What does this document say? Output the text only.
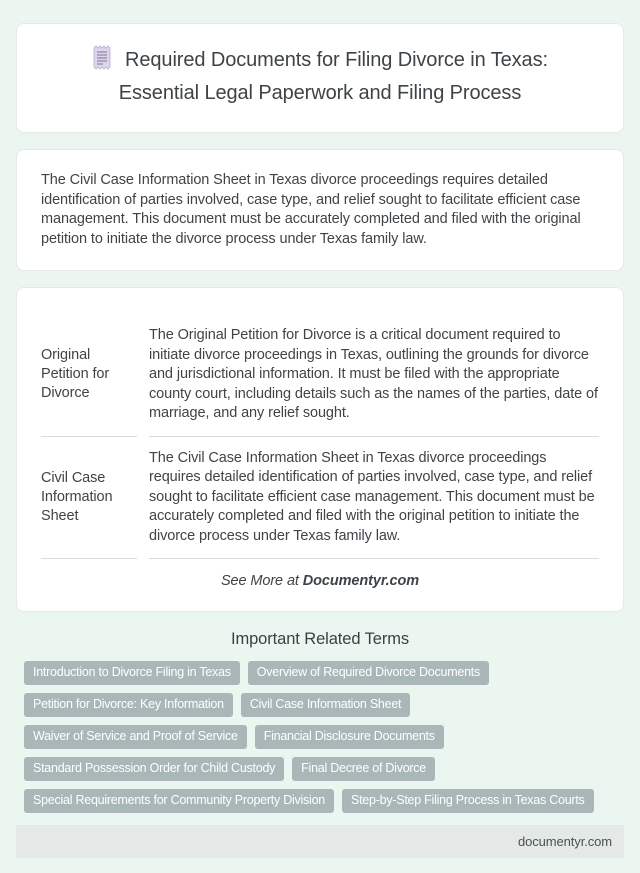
Required Documents for Filing Divorce in Texas: Essential Legal Paperwork and Filing Process

The Civil Case Information Sheet in Texas divorce proceedings requires detailed identification of parties involved, case type, and relief sought to facilitate efficient case management. This document must be accurately completed and filed with the original petition to initiate the divorce process under Texas family law.

Original Petition for Divorce
The Original Petition for Divorce is a critical document required to initiate divorce proceedings in Texas, outlining the grounds for divorce and jurisdictional information. It must be filed with the appropriate county court, including details such as the names of the parties, date of marriage, and any relief sought.
Civil Case Information Sheet
The Civil Case Information Sheet in Texas divorce proceedings requires detailed identification of parties involved, case type, and relief sought to facilitate efficient case management. This document must be accurately completed and filed with the original petition to initiate the divorce process under Texas family law.
See More at Documentyr.com
Important Related Terms
Introduction to Divorce Filing in Texas	Overview of Required Divorce Documents
Petition for Divorce: Key Information	Civil Case Information Sheet
Waiver of Service and Proof of Service	Financial Disclosure Documents
Standard Possession Order for Child Custody	Final Decree of Divorce
Special Requirements for Community Property Division	Step-by-Step Filing Process in Texas Courts
documentyr.com
